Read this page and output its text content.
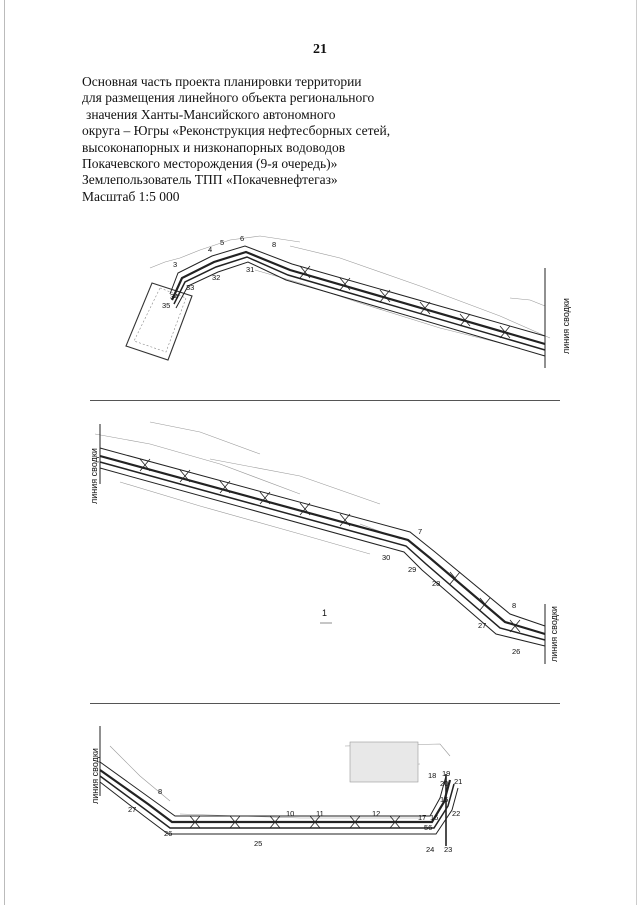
21
Основная часть проекта планировки территории
для размещения линейного объекта регионального
значения Ханты-Мансийского автономного
округа – Югры «Реконструкция нефтесборных сетей,
высоконапорных и низконапорных водоводов
Покачевского месторождения (9-я очередь)»
Землепользователь ТПП «Покачевнефтегаз»
Масштаб 1:5 000
линия сводки
3
4
5 6
8
31
32
33
34
35
линия сводки
линия сводки
1
7
8
26
27
28
29
30
линия сводки	8
10	11	12
15
16
17
18 19
20 21
22
23
24
25
26
27
56
